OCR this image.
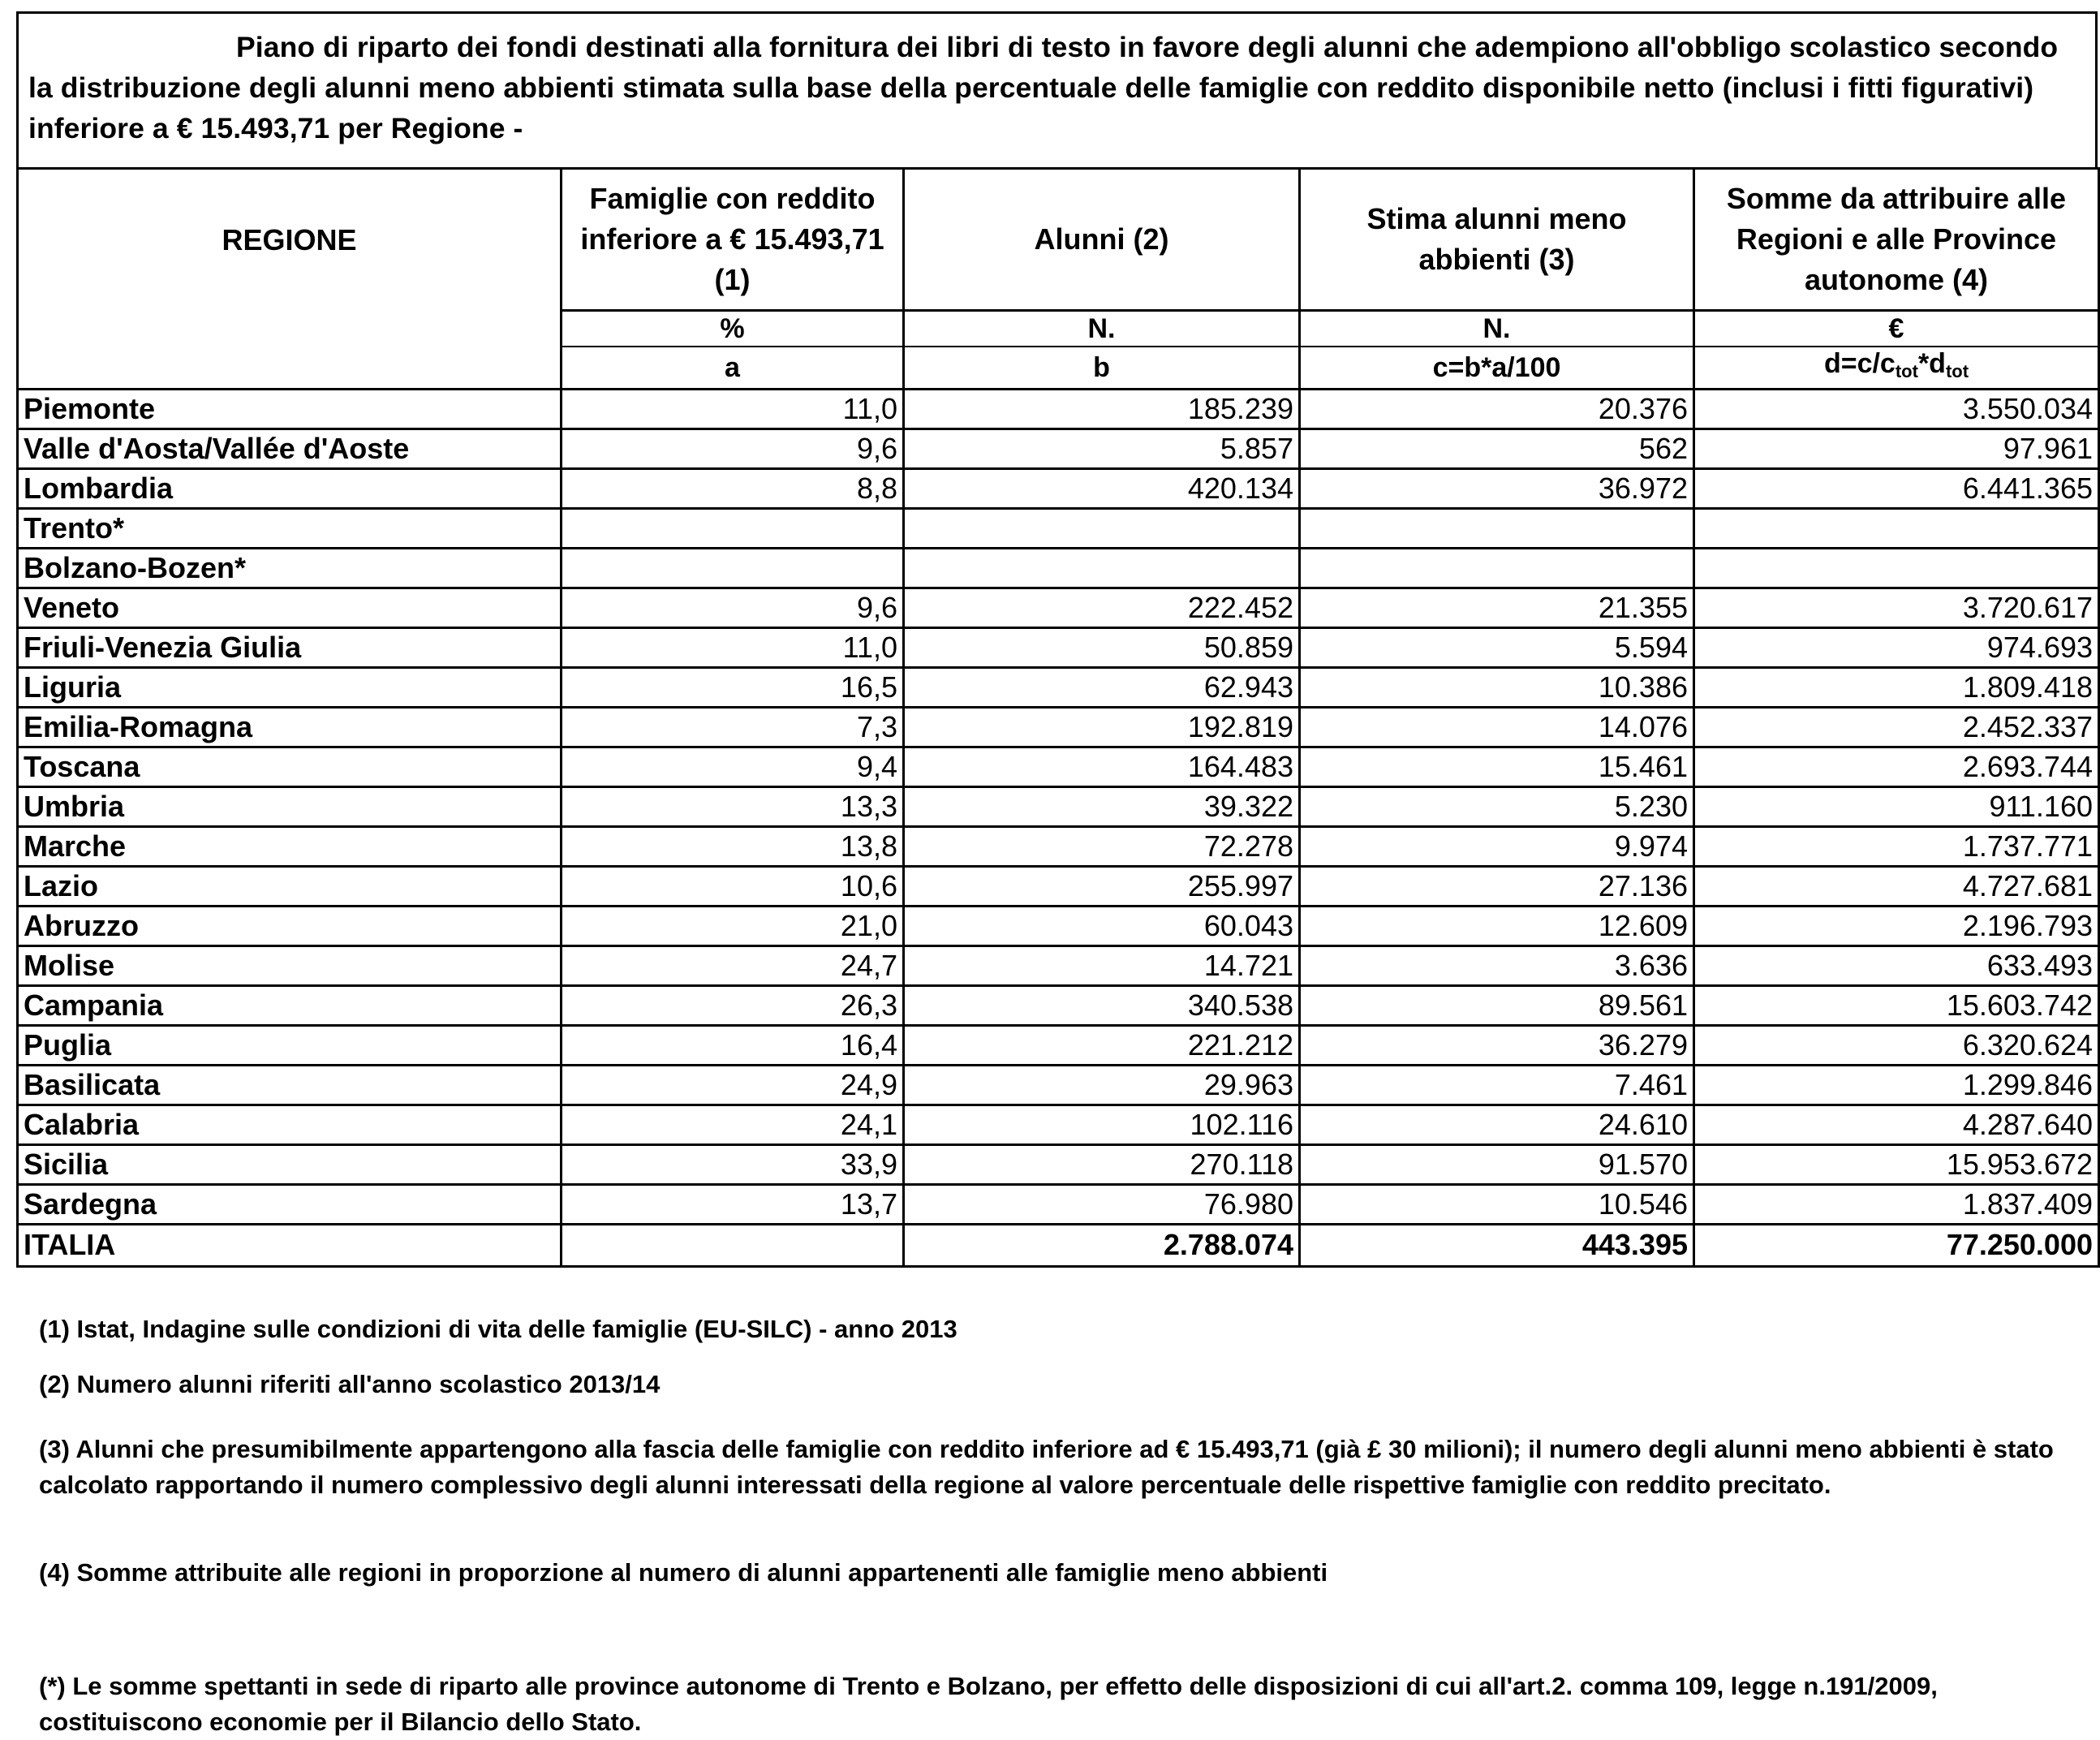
Piano di riparto dei fondi destinati alla fornitura dei libri di testo in favore degli alunni che adempiono all'obbligo scolastico secondo la distribuzione degli alunni meno abbienti stimata sulla base della percentuale delle famiglie con reddito disponibile netto (inclusi i fitti figurativi) inferiore a € 15.493,71 per Regione -
REGIONE	Famiglie con reddito inferiore a € 15.493,71 (1)	Alunni (2)	Stima alunni meno abbienti (3)	Somme da attribuire alle Regioni e alle Province autonome (4)
	%	N.	N.	€
	a	b	c=b*a/100	$d=c/c_{tot}*d_{tot}$
Piemonte	11,0	185.239	20.376	3.550.034
Valle d'Aosta/Vallée d'Aoste	9,6	5.857	562	97.961
Lombardia	8,8	420.134	36.972	6.441.365
Trento*				
Bolzano-Bozen*				
Veneto	9,6	222.452	21.355	3.720.617
Friuli-Venezia Giulia	11,0	50.859	5.594	974.693
Liguria	16,5	62.943	10.386	1.809.418
Emilia-Romagna	7,3	192.819	14.076	2.452.337
Toscana	9,4	164.483	15.461	2.693.744
Umbria	13,3	39.322	5.230	911.160
Marche	13,8	72.278	9.974	1.737.771
Lazio	10,6	255.997	27.136	4.727.681
Abruzzo	21,0	60.043	12.609	2.196.793
Molise	24,7	14.721	3.636	633.493
Campania	26,3	340.538	89.561	15.603.742
Puglia	16,4	221.212	36.279	6.320.624
Basilicata	24,9	29.963	7.461	1.299.846
Calabria	24,1	102.116	24.610	4.287.640
Sicilia	33,9	270.118	91.570	15.953.672
Sardegna	13,7	76.980	10.546	1.837.409
ITALIA		2.788.074	443.395	77.250.000
(1) Istat, Indagine sulle condizioni di vita delle famiglie (EU-SILC) - anno 2013
(2) Numero alunni riferiti all'anno scolastico 2013/14
(3) Alunni che presumibilmente appartengono alla fascia delle famiglie con reddito inferiore ad € 15.493,71 (già £ 30 milioni); il numero degli alunni meno abbienti è stato calcolato rapportando il numero complessivo degli alunni interessati della regione al valore percentuale delle rispettive famiglie con reddito precitato.
(4) Somme attribuite alle regioni in proporzione al numero di alunni appartenenti alle famiglie meno abbienti
(*) Le somme spettanti in sede di riparto alle province autonome di Trento e Bolzano, per effetto delle disposizioni di cui all'art.2. comma 109, legge n.191/2009, costituiscono economie per il Bilancio dello Stato.
